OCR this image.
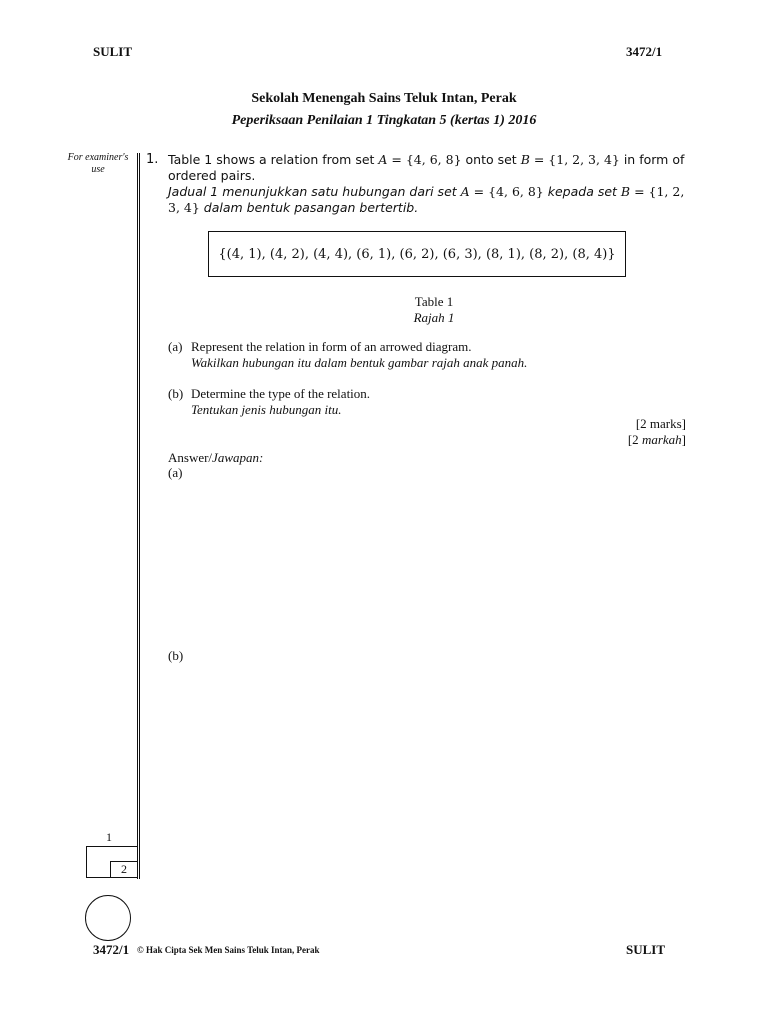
SULIT	3472/1
Sekolah Menengah Sains Teluk Intan, Perak
Peperiksaan Penilaian 1 Tingkatan 5 (kertas 1) 2016
For examiner's use
1. Table 1 shows a relation from set A = {4, 6, 8} onto set B = {1, 2, 3, 4} in form of ordered pairs.
Jadual 1 menunjukkan satu hubungan dari set A = {4, 6, 8} kepada set B = {1, 2, 3, 4} dalam bentuk pasangan bertertib.
{(4, 1), (4, 2), (4, 4), (6, 1), (6, 2), (6, 3), (8, 1), (8, 2), (8, 4)}
Table 1
Rajah 1
(a) Represent the relation in form of an arrowed diagram.
Wakilkan hubungan itu dalam bentuk gambar rajah anak panah.
(b) Determine the type of the relation.
Tentukan jenis hubungan itu.
[2 marks]
[2 markah]
Answer/Jawapan:
(a)
(b)
1
2
3472/1 © Hak Cipta Sek Men Sains Teluk Intan, Perak	SULIT
